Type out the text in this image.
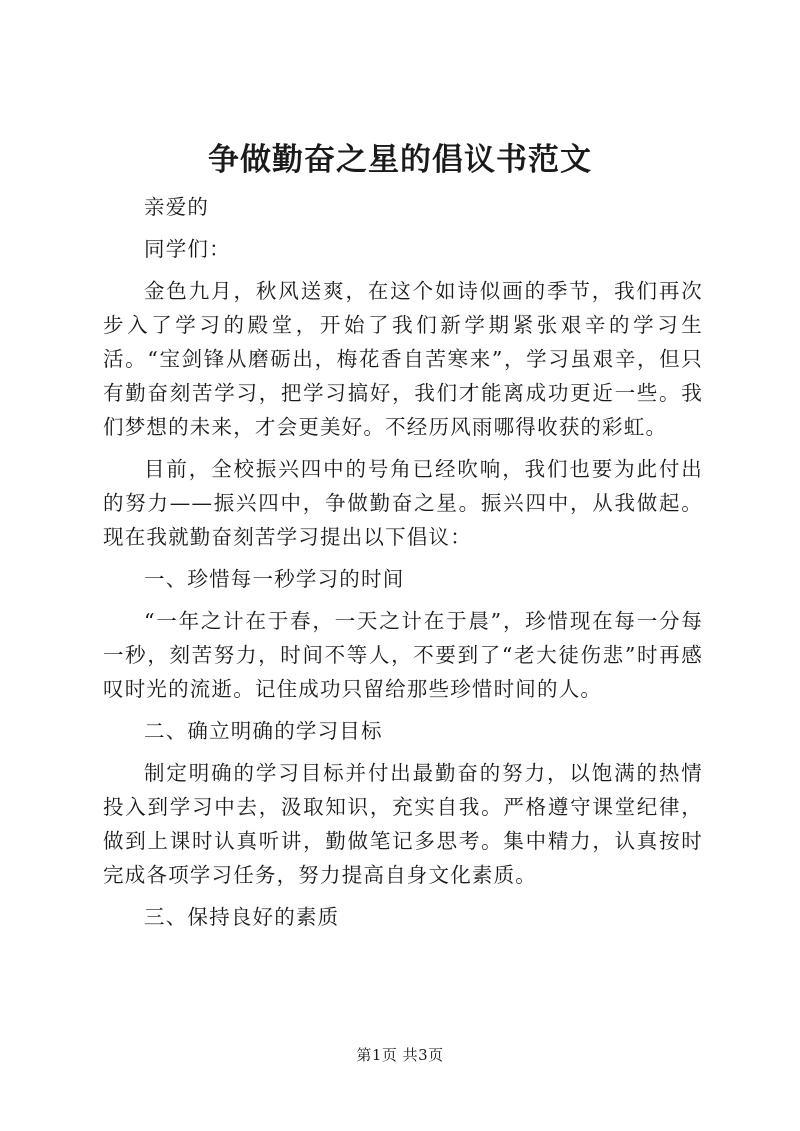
争做勤奋之星的倡议书范文

亲爱的

同学们：

金色九月，秋风送爽，在这个如诗似画的季节，我们再次步入了学习的殿堂，开始了我们新学期紧张艰辛的学习生活。“宝剑锋从磨砺出，梅花香自苦寒来”，学习虽艰辛，但只有勤奋刻苦学习，把学习搞好，我们才能离成功更近一些。我们梦想的未来，才会更美好。不经历风雨哪得收获的彩虹。

目前，全校振兴四中的号角已经吹响，我们也要为此付出的努力——振兴四中，争做勤奋之星。振兴四中，从我做起。现在我就勤奋刻苦学习提出以下倡议：

一、珍惜每一秒学习的时间

“一年之计在于春，一天之计在于晨”，珍惜现在每一分每一秒，刻苦努力，时间不等人，不要到了“老大徒伤悲”时再感叹时光的流逝。记住成功只留给那些珍惜时间的人。

二、确立明确的学习目标

制定明确的学习目标并付出最勤奋的努力，以饱满的热情投入到学习中去，汲取知识，充实自我。严格遵守课堂纪律，做到上课时认真听讲，勤做笔记多思考。集中精力，认真按时完成各项学习任务，努力提高自身文化素质。

三、保持良好的素质

第1页 共3页
